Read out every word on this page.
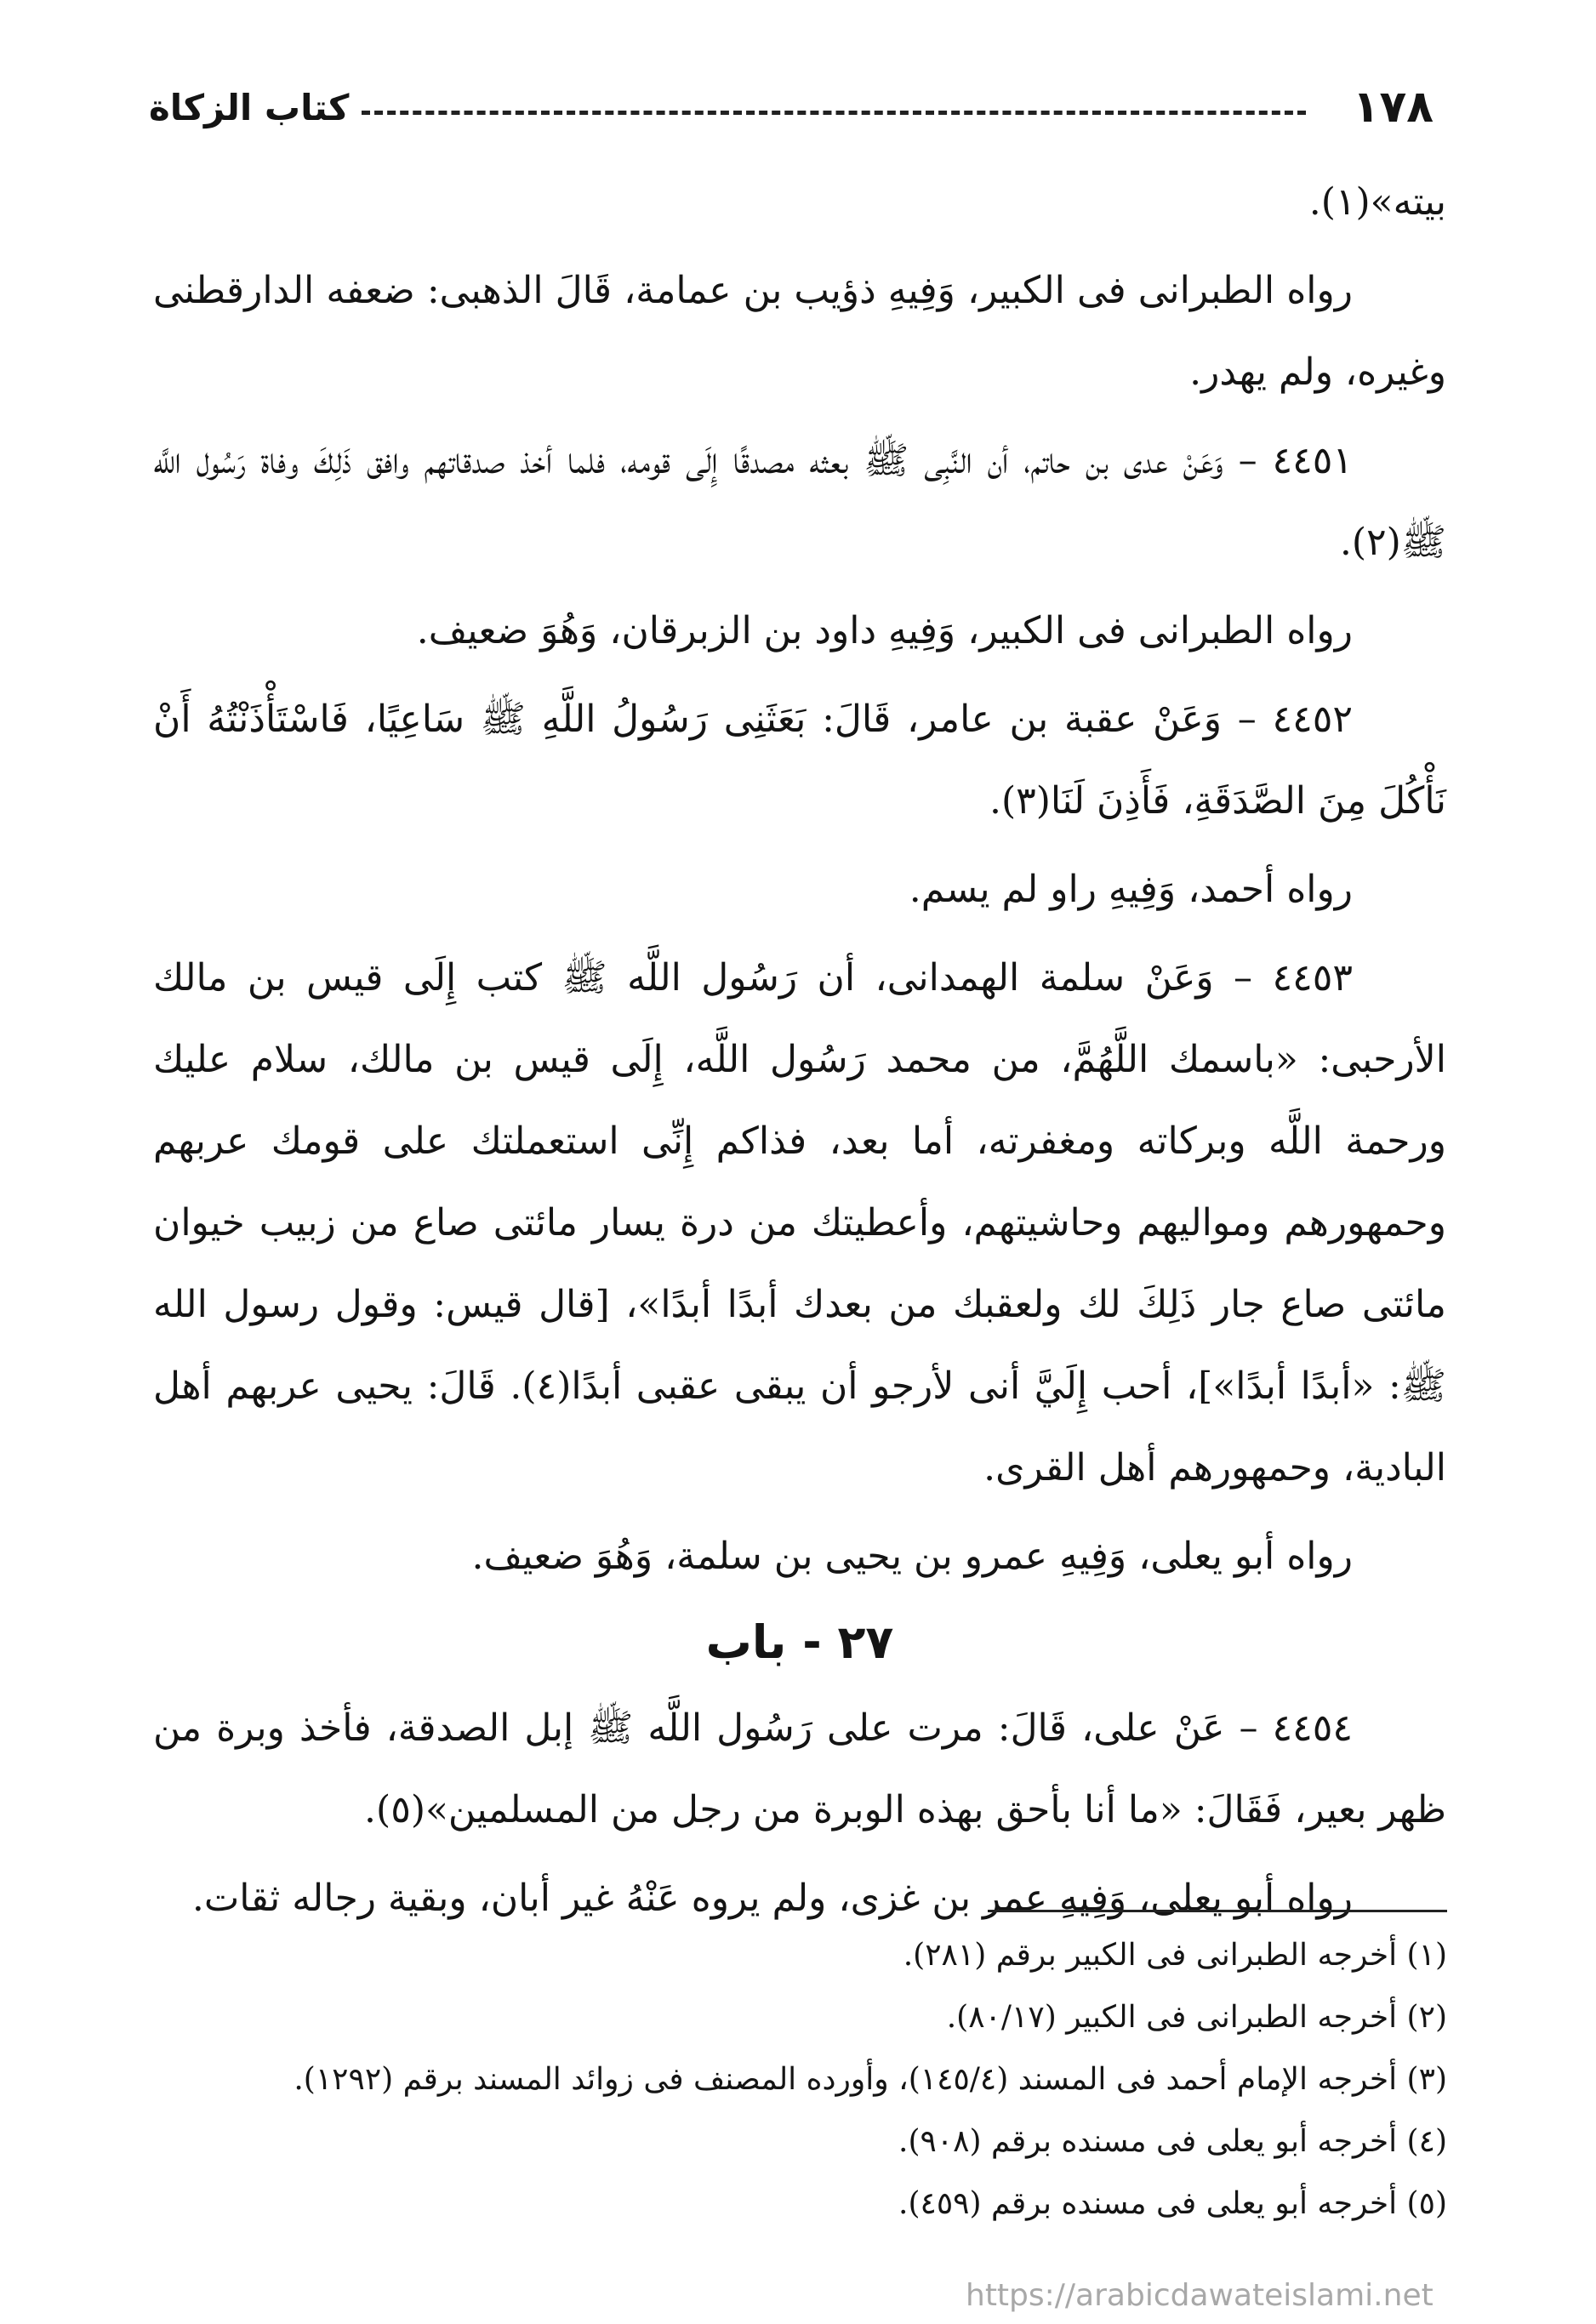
١٧٨
كتاب الزكاة

بيته»(١).

رواه الطبرانى فى الكبير، وَفِيهِ ذؤيب بن عمامة، قَالَ الذهبى: ضعفه الدارقطنى وغيره، ولم يهدر.

٤٤٥١ – وَعَنْ عدى بن حاتم، أن النَّبِى ﷺ بعثه مصدقًا إِلَى قومه، فلما أخذ صدقاتهم وافق ذَلِكَ وفاة رَسُول اللَّه ﷺ(٢).

رواه الطبرانى فى الكبير، وَفِيهِ داود بن الزبرقان، وَهُوَ ضعيف.

٤٤٥٢ – وَعَنْ عقبة بن عامر، قَالَ: بَعَثَنِى رَسُولُ اللَّهِ ﷺ سَاعِيًا، فَاسْتَأْذَنْتُهُ أَنْ نَأْكُلَ مِنَ الصَّدَقَةِ، فَأَذِنَ لَنَا(٣).

رواه أحمد، وَفِيهِ راو لم يسم.

٤٤٥٣ – وَعَنْ سلمة الهمدانى، أن رَسُول اللَّه ﷺ كتب إِلَى قيس بن مالك الأرحبى: «باسمك اللَّهُمَّ، من محمد رَسُول اللَّه، إِلَى قيس بن مالك، سلام عليك ورحمة اللَّه وبركاته ومغفرته، أما بعد، فذاكم إِنِّى استعملتك على قومك عربهم وحمهورهم ومواليهم وحاشيتهم، وأعطيتك من درة يسار مائتى صاع من زبيب خيوان مائتى صاع جار ذَلِكَ لك ولعقبك من بعدك أبدًا أبدًا»، [قال قيس: وقول رسول الله ﷺ: «أبدًا أبدًا»]، أحب إِلَيَّ أنى لأرجو أن يبقى عقبى أبدًا(٤). قَالَ: يحيى عربهم أهل البادية، وحمهورهم أهل القرى.

رواه أبو يعلى، وَفِيهِ عمرو بن يحيى بن سلمة، وَهُوَ ضعيف.

٢٧ - باب

٤٤٥٤ – عَنْ على، قَالَ: مرت على رَسُول اللَّه ﷺ إبل الصدقة، فأخذ وبرة من ظهر بعير، فَقَالَ: «ما أنا بأحق بهذه الوبرة من رجل من المسلمين»(٥).

رواه أبو يعلى، وَفِيهِ عمر بن غزى، ولم يروه عَنْهُ غير أبان، وبقية رجاله ثقات.

(١) أخرجه الطبرانى فى الكبير برقم (٢٨١).
(٢) أخرجه الطبرانى فى الكبير (٨٠/١٧).
(٣) أخرجه الإمام أحمد فى المسند (١٤٥/٤)، وأورده المصنف فى زوائد المسند برقم (١٢٩٢).
(٤) أخرجه أبو يعلى فى مسنده برقم (٩٠٨).
(٥) أخرجه أبو يعلى فى مسنده برقم (٤٥٩).
https://arabicdawateislami.net
